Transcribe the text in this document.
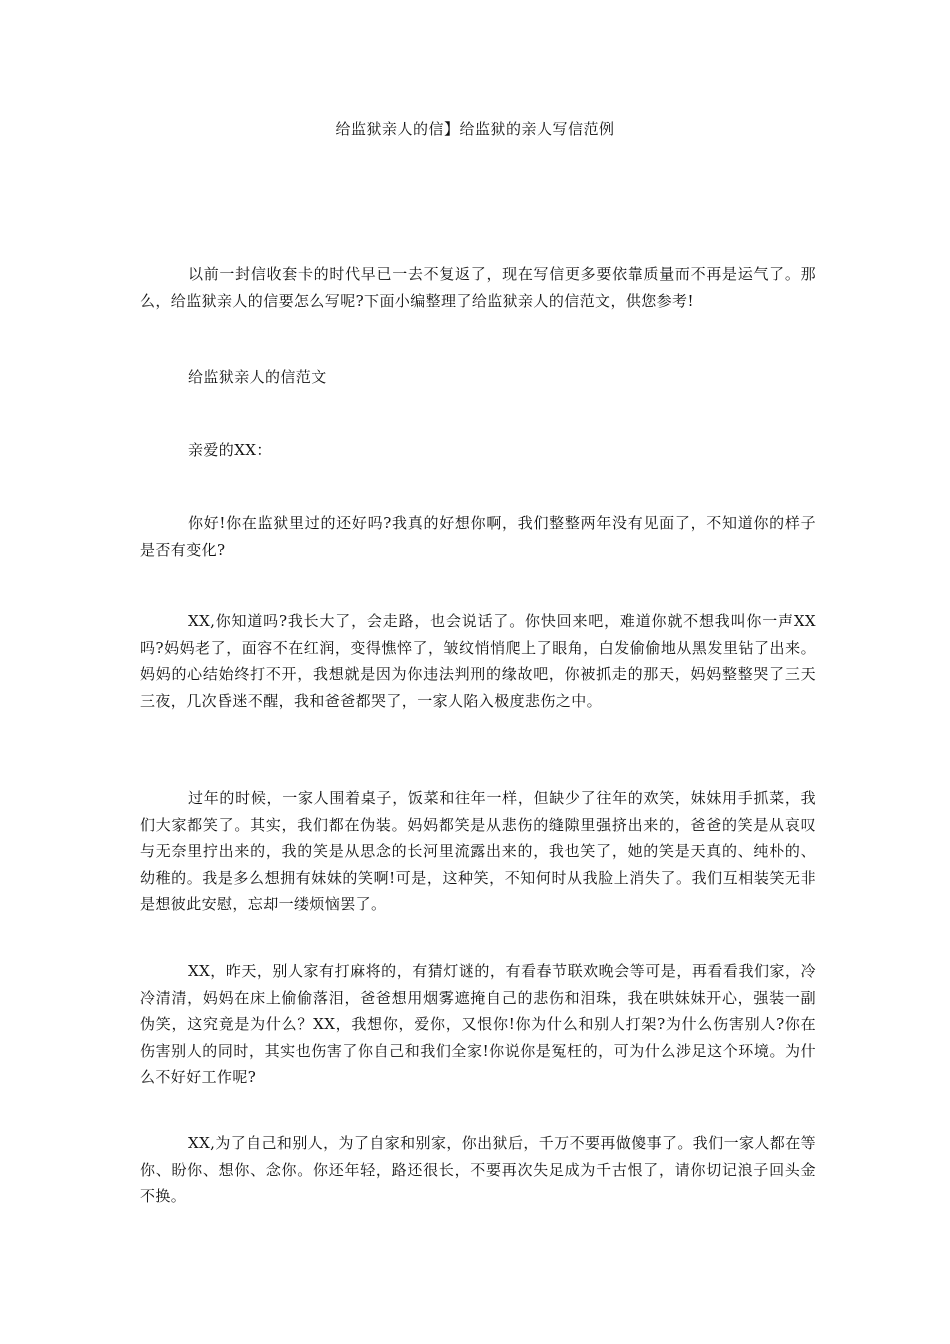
给监狱亲人的信】给监狱的亲人写信范例

以前一封信收套卡的时代早已一去不复返了，现在写信更多要依靠质量而不再是运气了。那么，给监狱亲人的信要怎么写呢?下面小编整理了给监狱亲人的信范文，供您参考!

给监狱亲人的信范文

亲爱的XX：

你好!你在监狱里过的还好吗?我真的好想你啊，我们整整两年没有见面了，不知道你的样子是否有变化?

XX,你知道吗?我长大了，会走路，也会说话了。你快回来吧，难道你就不想我叫你一声XX吗?妈妈老了，面容不在红润，变得憔悴了，皱纹悄悄爬上了眼角，白发偷偷地从黑发里钻了出来。妈妈的心结始终打不开，我想就是因为你违法判刑的缘故吧，你被抓走的那天，妈妈整整哭了三天三夜，几次昏迷不醒，我和爸爸都哭了，一家人陷入极度悲伤之中。

过年的时候，一家人围着桌子，饭菜和往年一样，但缺少了往年的欢笑，妹妹用手抓菜，我们大家都笑了。其实，我们都在伪装。妈妈都笑是从悲伤的缝隙里强挤出来的，爸爸的笑是从哀叹与无奈里拧出来的，我的笑是从思念的长河里流露出来的，我也笑了，她的笑是天真的、纯朴的、幼稚的。我是多么想拥有妹妹的笑啊!可是，这种笑，不知何时从我脸上消失了。我们互相装笑无非是想彼此安慰，忘却一缕烦恼罢了。

XX，昨天，别人家有打麻将的，有猜灯谜的，有看春节联欢晚会等可是，再看看我们家，冷冷清清，妈妈在床上偷偷落泪，爸爸想用烟雾遮掩自己的悲伤和泪珠，我在哄妹妹开心，强装一副伪笑，这究竟是为什么？XX，我想你，爱你，又恨你!你为什么和别人打架?为什么伤害别人?你在伤害别人的同时，其实也伤害了你自己和我们全家!你说你是冤枉的，可为什么涉足这个环境。为什么不好好工作呢?

XX,为了自己和别人，为了自家和别家，你出狱后，千万不要再做傻事了。我们一家人都在等你、盼你、想你、念你。你还年轻，路还很长，不要再次失足成为千古恨了，请你切记浪子回头金不换。
